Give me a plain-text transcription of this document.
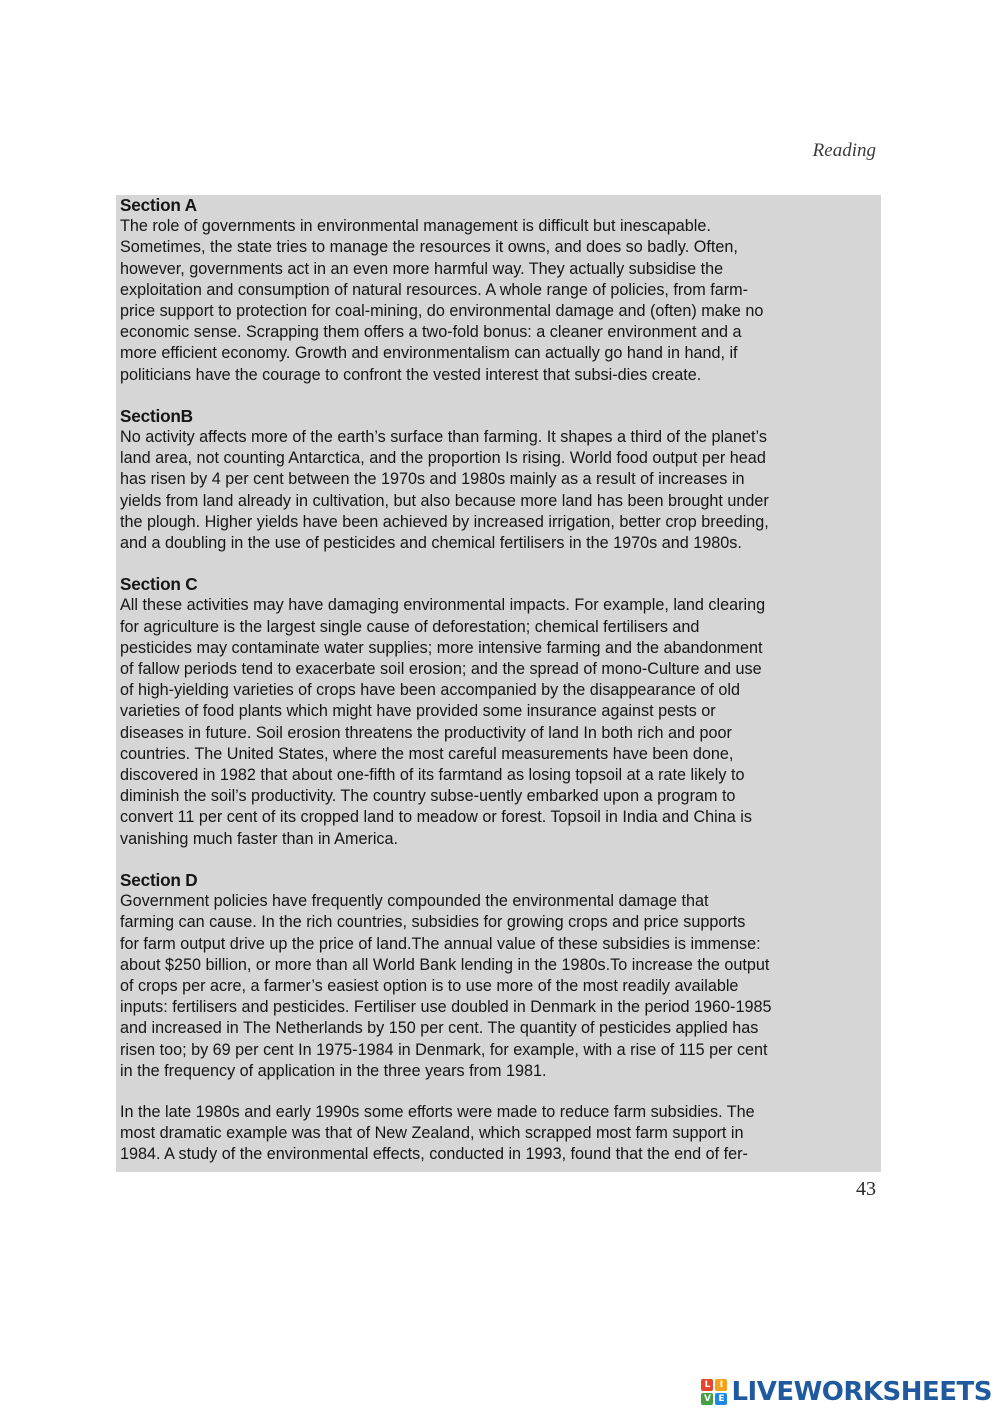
Reading

Section A

The role of governments in environmental management is difficult but inescapable.
Sometimes, the state tries to manage the resources it owns, and does so badly. Often,
however, governments act in an even more harmful way. They actually subsidise the
exploitation and consumption of natural resources. A whole range of policies, from farm-
price support to protection for coal-mining, do environmental damage and (often) make no
economic sense. Scrapping them offers a two-fold bonus: a cleaner environment and a
more efficient economy. Growth and environmentalism can actually go hand in hand, if
politicians have the courage to confront the vested interest that subsi-dies create.

SectionB

No activity affects more of the earth’s surface than farming. It shapes a third of the planet’s
land area, not counting Antarctica, and the proportion Is rising. World food output per head
has risen by 4 per cent between the 1970s and 1980s mainly as a result of increases in
yields from land already in cultivation, but also because more land has been brought under
the plough. Higher yields have been achieved by increased irrigation, better crop breeding,
and a doubling in the use of pesticides and chemical fertilisers in the 1970s and 1980s.

Section C

All these activities may have damaging environmental impacts. For example, land clearing
for agriculture is the largest single cause of deforestation; chemical fertilisers and
pesticides may contaminate water supplies; more intensive farming and the abandonment
of fallow periods tend to exacerbate soil erosion; and the spread of mono-Culture and use
of high-yielding varieties of crops have been accompanied by the disappearance of old
varieties of food plants which might have provided some insurance against pests or
diseases in future. Soil erosion threatens the productivity of land In both rich and poor
countries. The United States, where the most careful measurements have been done,
discovered in 1982 that about one-fifth of its farmtand as losing topsoil at a rate likely to
diminish the soil’s productivity. The country subse-uently embarked upon a program to
convert 11 per cent of its cropped land to meadow or forest. Topsoil in India and China is
vanishing much faster than in America.

Section D

Government policies have frequently compounded the environmental damage that
farming can cause. In the rich countries, subsidies for growing crops and price supports
for farm output drive up the price of land.The annual value of these subsidies is immense:
about $250 billion, or more than all World Bank lending in the 1980s.To increase the output
of crops per acre, a farmer’s easiest option is to use more of the most readily available
inputs: fertilisers and pesticides. Fertiliser use doubled in Denmark in the period 1960-1985
and increased in The Netherlands by 150 per cent. The quantity of pesticides applied has
risen too; by 69 per cent In 1975-1984 in Denmark, for example, with a rise of 115 per cent
in the frequency of application in the three years from 1981.

In the late 1980s and early 1990s some efforts were made to reduce farm subsidies. The
most dramatic example was that of New Zealand, which scrapped most farm support in
1984. A study of the environmental effects, conducted in 1993, found that the end of fer-

43
L	I
V E LIVEWORKSHEETS
